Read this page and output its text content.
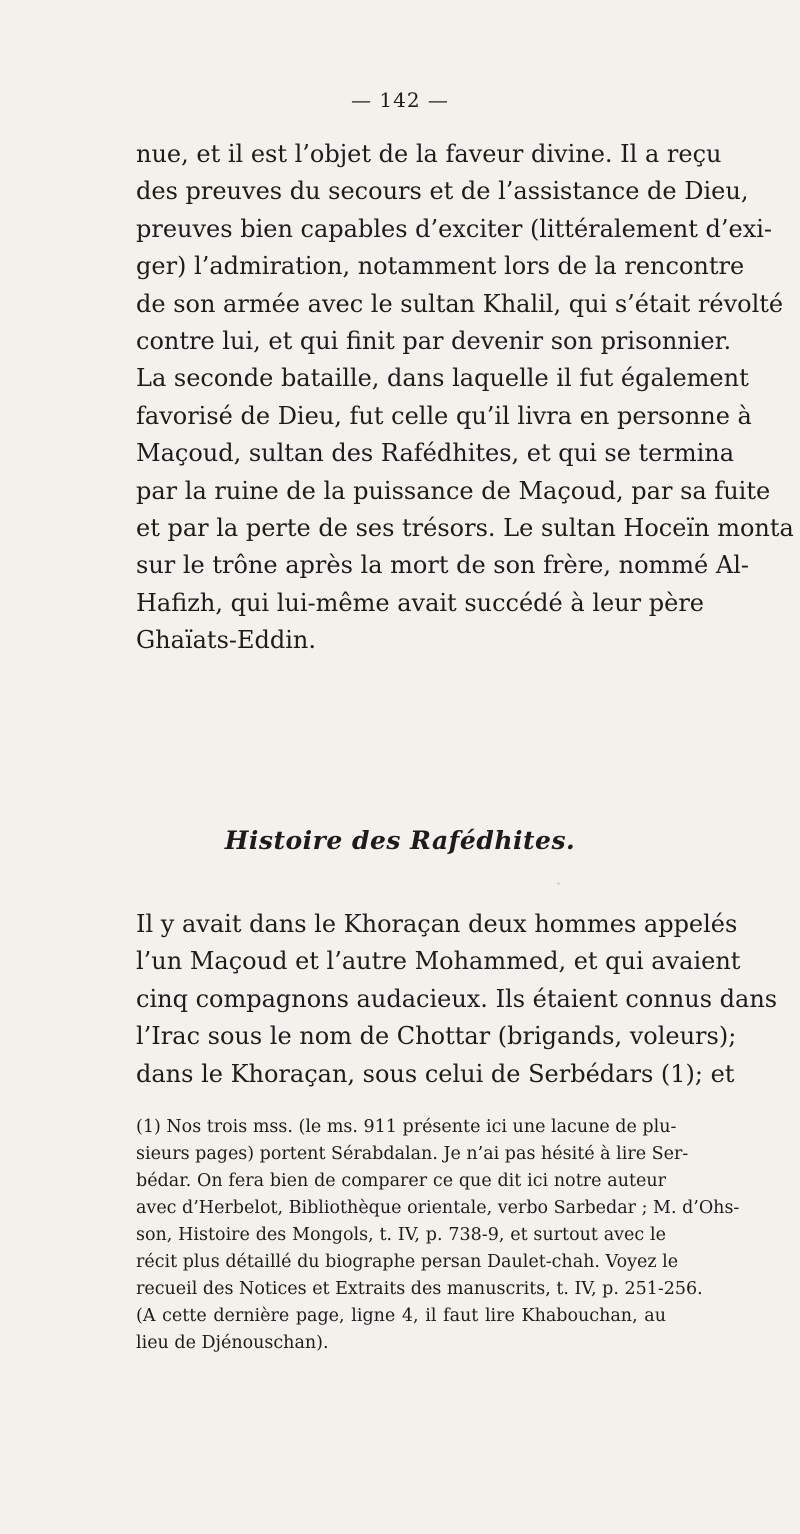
— 142 —
nue, et il est l’objet de la faveur divine. Il a reçu
des preuves du secours et de l’assistance de Dieu,
preuves bien capables d’exciter (littéralement d’exi-
ger) l’admiration, notamment lors de la rencontre
de son armée avec le sultan Khalil, qui s’était révolté
contre lui, et qui finit par devenir son prisonnier.
La seconde bataille, dans laquelle il fut également
favorisé de Dieu, fut celle qu’il livra en personne à
Maçoud, sultan des Rafédhites, et qui se termina
par la ruine de la puissance de Maçoud, par sa fuite
et par la perte de ses trésors. Le sultan Hoceïn monta
sur le trône après la mort de son frère, nommé Al-
Hafizh, qui lui-même avait succédé à leur père
Ghaïats-Eddin.
Histoire des Rafédhites.
ˇ
Il y avait dans le Khoraçan deux hommes appelés
l’un Maçoud et l’autre Mohammed, et qui avaient
cinq compagnons audacieux. Ils étaient connus dans
l’Irac sous le nom de Chottar (brigands, voleurs);
dans le Khoraçan, sous celui de Serbédars (1); et
(1) Nos trois mss. (le ms. 911 présente ici une lacune de plu-
sieurs pages) portent Sérabdalan. Je n’ai pas hésité à lire Ser-
bédar. On fera bien de comparer ce que dit ici notre auteur
avec d’Herbelot, Bibliothèque orientale, verbo Sarbedar ; M. d’Ohs-
son, Histoire des Mongols, t. IV, p. 738-9, et surtout avec le
récit plus détaillé du biographe persan Daulet-chah. Voyez le
recueil des Notices et Extraits des manuscrits, t. IV, p. 251-256.
(A cette dernière page, ligne 4, il faut lire Khabouchan, au
lieu de Djénouschan).
